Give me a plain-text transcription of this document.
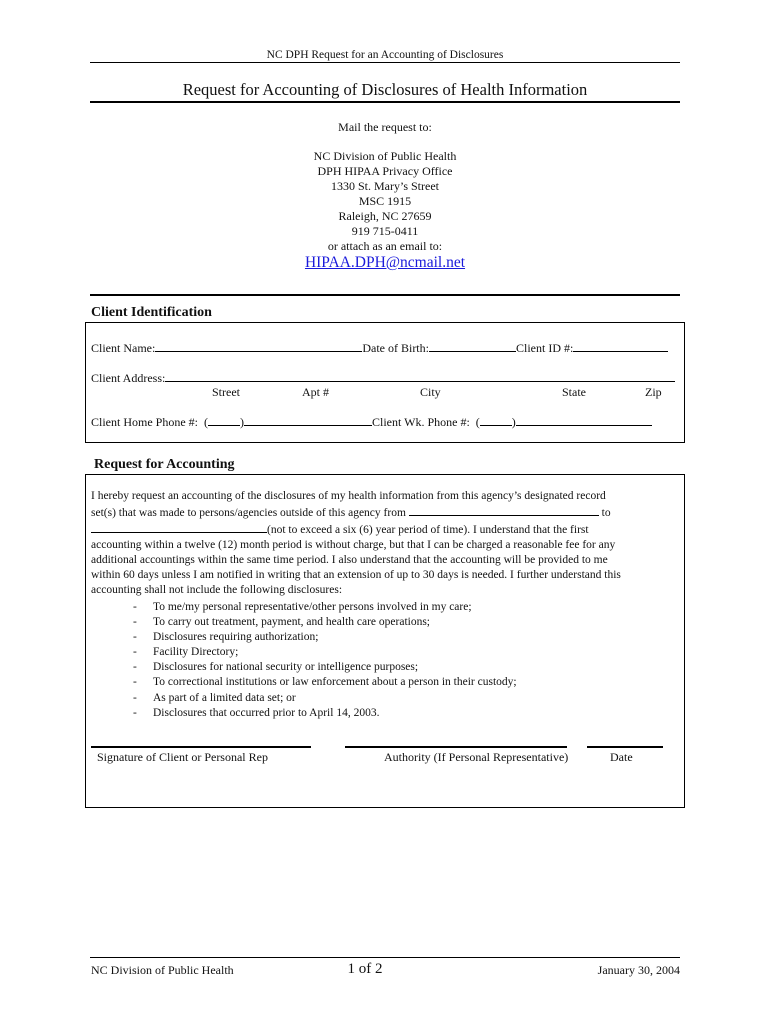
NC DPH Request for an Accounting of Disclosures
Request for Accounting of Disclosures of Health Information
Mail the request to:
NC Division of Public Health
DPH HIPAA Privacy Office
1330 St. Mary’s Street
MSC 1915
Raleigh, NC 27659
919 715-0411
or attach as an email to:
HIPAA.DPH@ncmail.net
Client Identification
Client Name:	Date of Birth:	Client ID #:
Client Address:
Street	Apt #	City	State	Zip
Client Home Phone #: (	)	Client Wk. Phone #: (	)
Request for Accounting
I hereby request an accounting of the disclosures of my health information from this agency’s designated record
set(s) that was made to persons/agencies outside of this agency from	to
(not to exceed a six (6) year period of time). I understand that the first
accounting within a twelve (12) month period is without charge, but that I can be charged a reasonable fee for any
additional accountings within the same time period. I also understand that the accounting will be provided to me
within 60 days unless I am notified in writing that an extension of up to 30 days is needed. I further understand this
accounting shall not include the following disclosures:
- To me/my personal representative/other persons involved in my care;
- To carry out treatment, payment, and health care operations;
- Disclosures requiring authorization;
- Facility Directory;
- Disclosures for national security or intelligence purposes;
- To correctional institutions or law enforcement about a person in their custody;
- As part of a limited data set; or
- Disclosures that occurred prior to April 14, 2003.
Signature of Client or Personal Rep	Authority (If Personal Representative)	Date
NC Division of Public Health	1 of 2	January 30, 2004
